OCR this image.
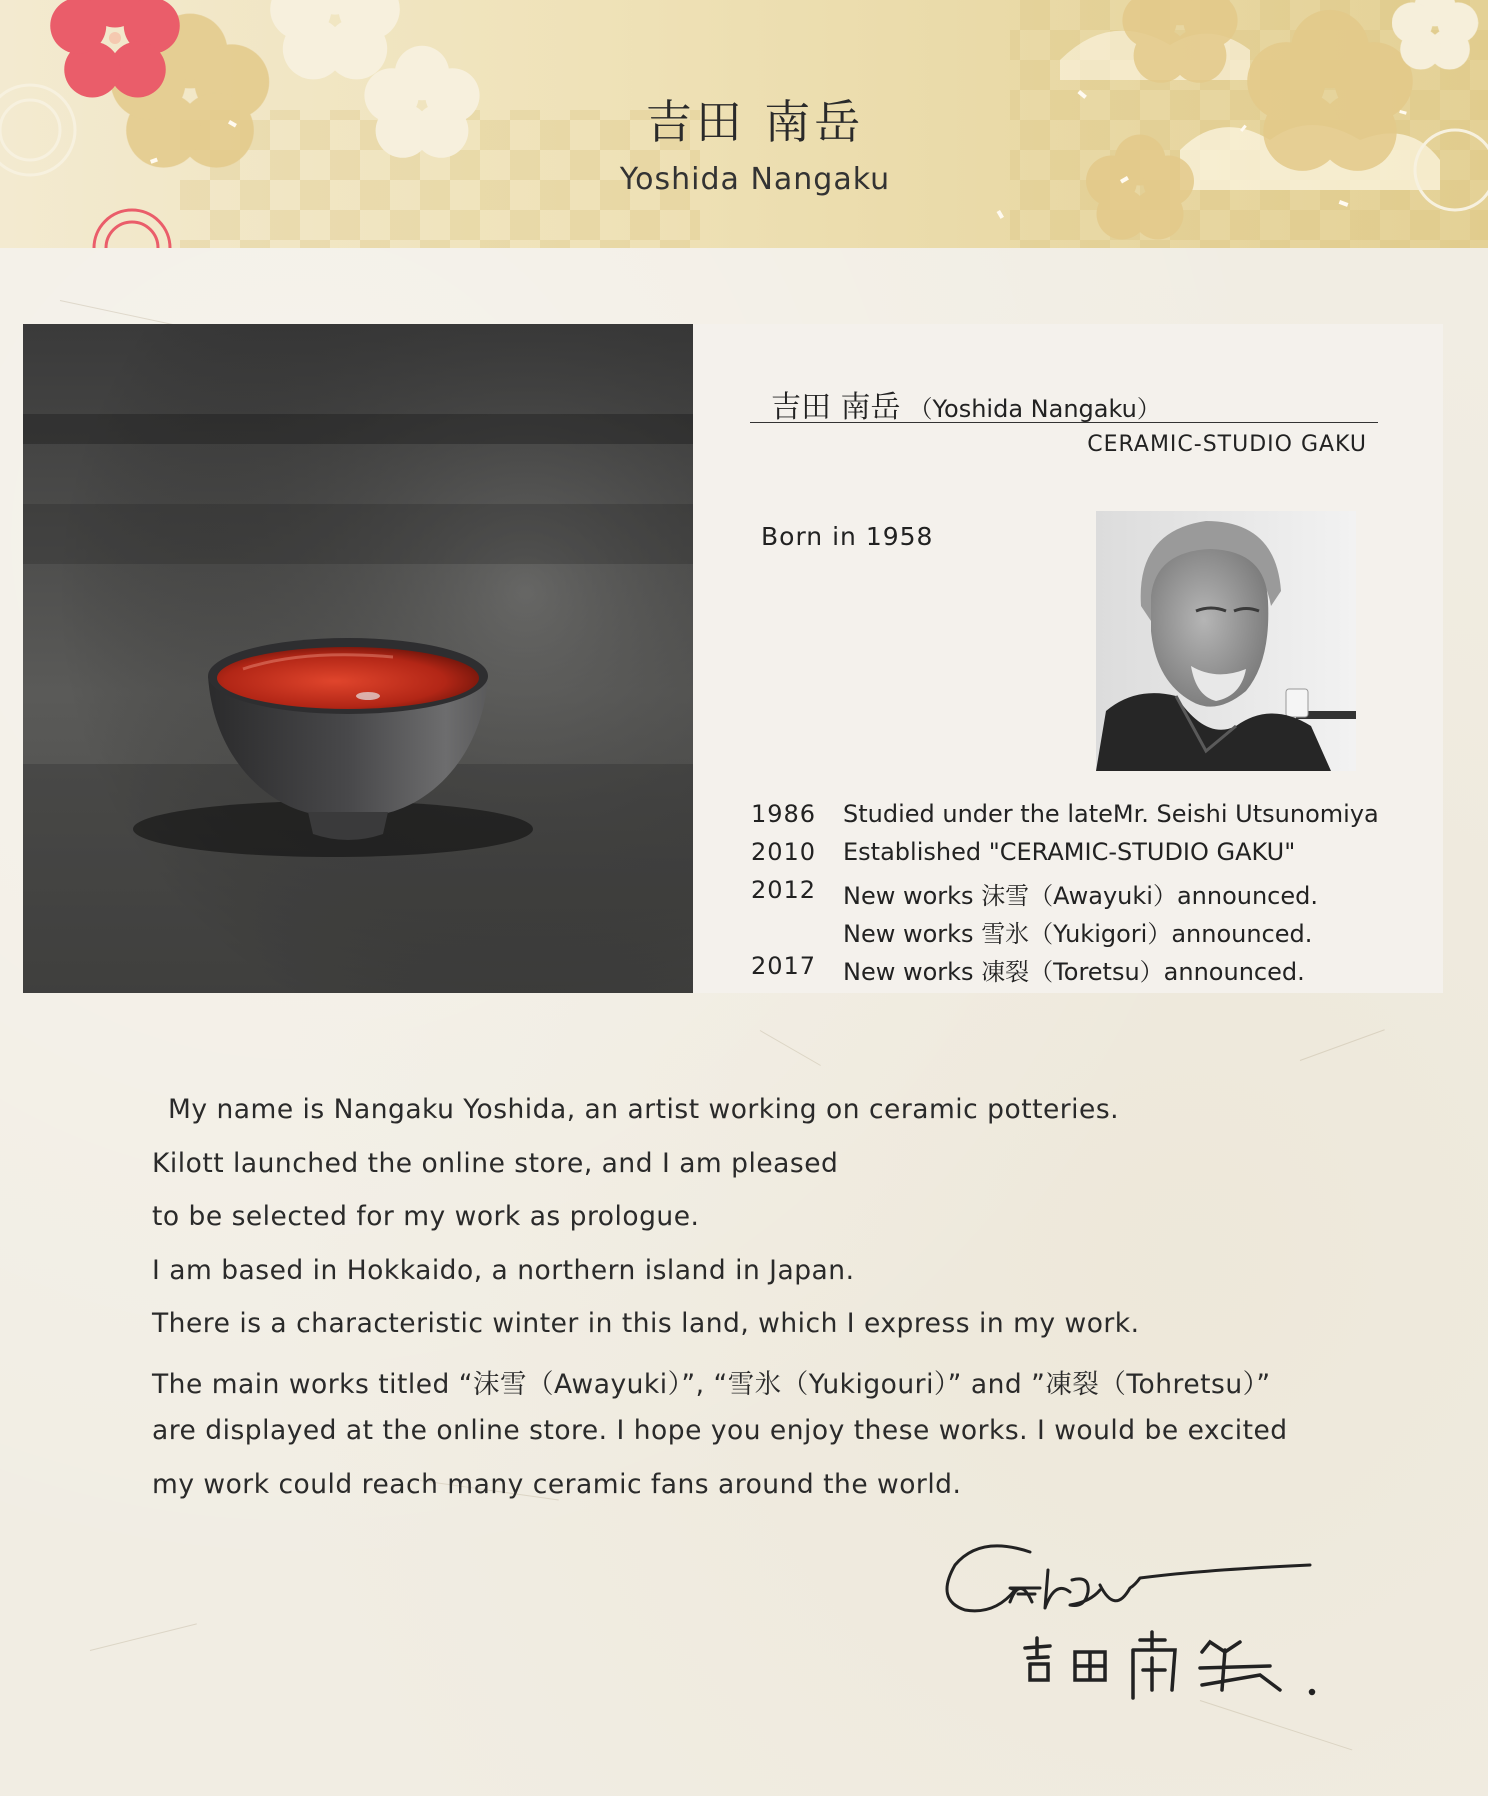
吉田 南岳
Yoshida Nangaku
吉田 南岳 （Yoshida Nangaku）
CERAMIC-STUDIO GAKU
Born in 1958
1986	Studied under the lateMr. Seishi Utsunomiya
2010	Established "CERAMIC-STUDIO GAKU"
2012	New works 沫雪（Awayuki）announced.
New works 雪氷（Yukigori）announced.
2017	New works 凍裂（Toretsu）announced.
My name is Nangaku Yoshida, an artist working on ceramic potteries.
Kilott launched the online store, and I am pleased
to be selected for my work as prologue.
I am based in Hokkaido, a northern island in Japan.
There is a characteristic winter in this land, which I express in my work.
The main works titled “沫雪（Awayuki）”, “雪氷（Yukigouri）” and ”凍裂（Tohretsu）”
are displayed at the online store. I hope you enjoy these works. I would be excited
my work could reach many ceramic fans around the world.
